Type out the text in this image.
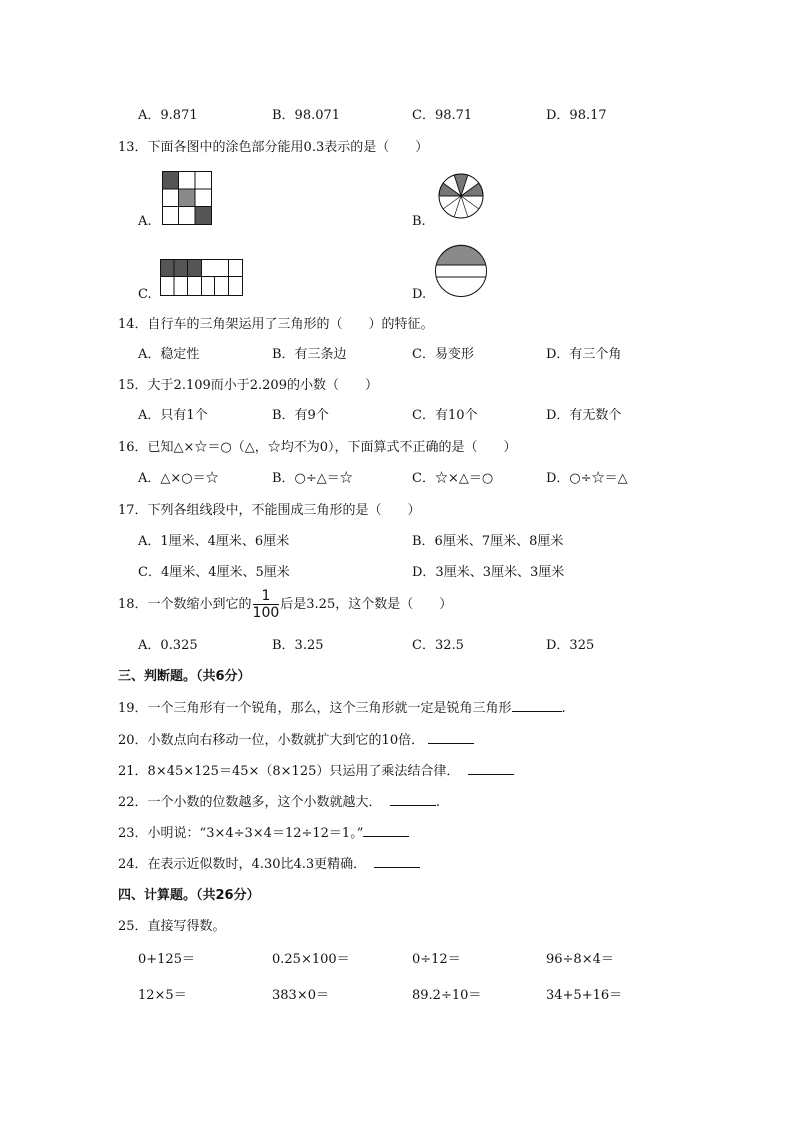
A．9.871	B．98.071	C．98.71	D．98.17
13．下面各图中的涂色部分能用0.3表示的是（　　）
A.	B.
C.	D.
14．自行车的三角架运用了三角形的（　　）的特征。
A．稳定性	B．有三条边	C．易变形	D．有三个角
15．大于2.109而小于2.209的小数（　　）
A．只有1个	B．有9个	C．有10个	D．有无数个
16．已知△×☆＝○（△，☆均不为0），下面算式不正确的是（　　）
A．△×○＝☆	B．○÷△＝☆	C．☆×△＝○	D．○÷☆＝△
17．下列各组线段中，不能围成三角形的是（　　）
A．1厘米、4厘米、6厘米	B．6厘米、7厘米、8厘米
C．4厘米、4厘米、5厘米	D．3厘米、3厘米、3厘米
18．一个数缩小到它的 $\frac{1}{100}$ 后是3.25，这个数是（　　）
A．0.325	B．3.25	C．32.5	D．325
三、判断题。（共6分）
19．一个三角形有一个锐角，那么，这个三角形就一定是锐角三角形	.
20．小数点向右移动一位，小数就扩大到它的10倍．
21．8×45×125＝45×（8×125）只运用了乘法结合律．
22．一个小数的位数越多，这个小数就越大．	.
23．小明说：“3×4÷3×4＝12÷12＝1。”
24．在表示近似数时，4.30比4.3更精确．
四、计算题。（共26分）
25．直接写得数。
0+125＝	0.25×100＝	0÷12＝	96÷8×4＝
12×5＝	383×0＝	89.2÷10＝	34+5+16＝
